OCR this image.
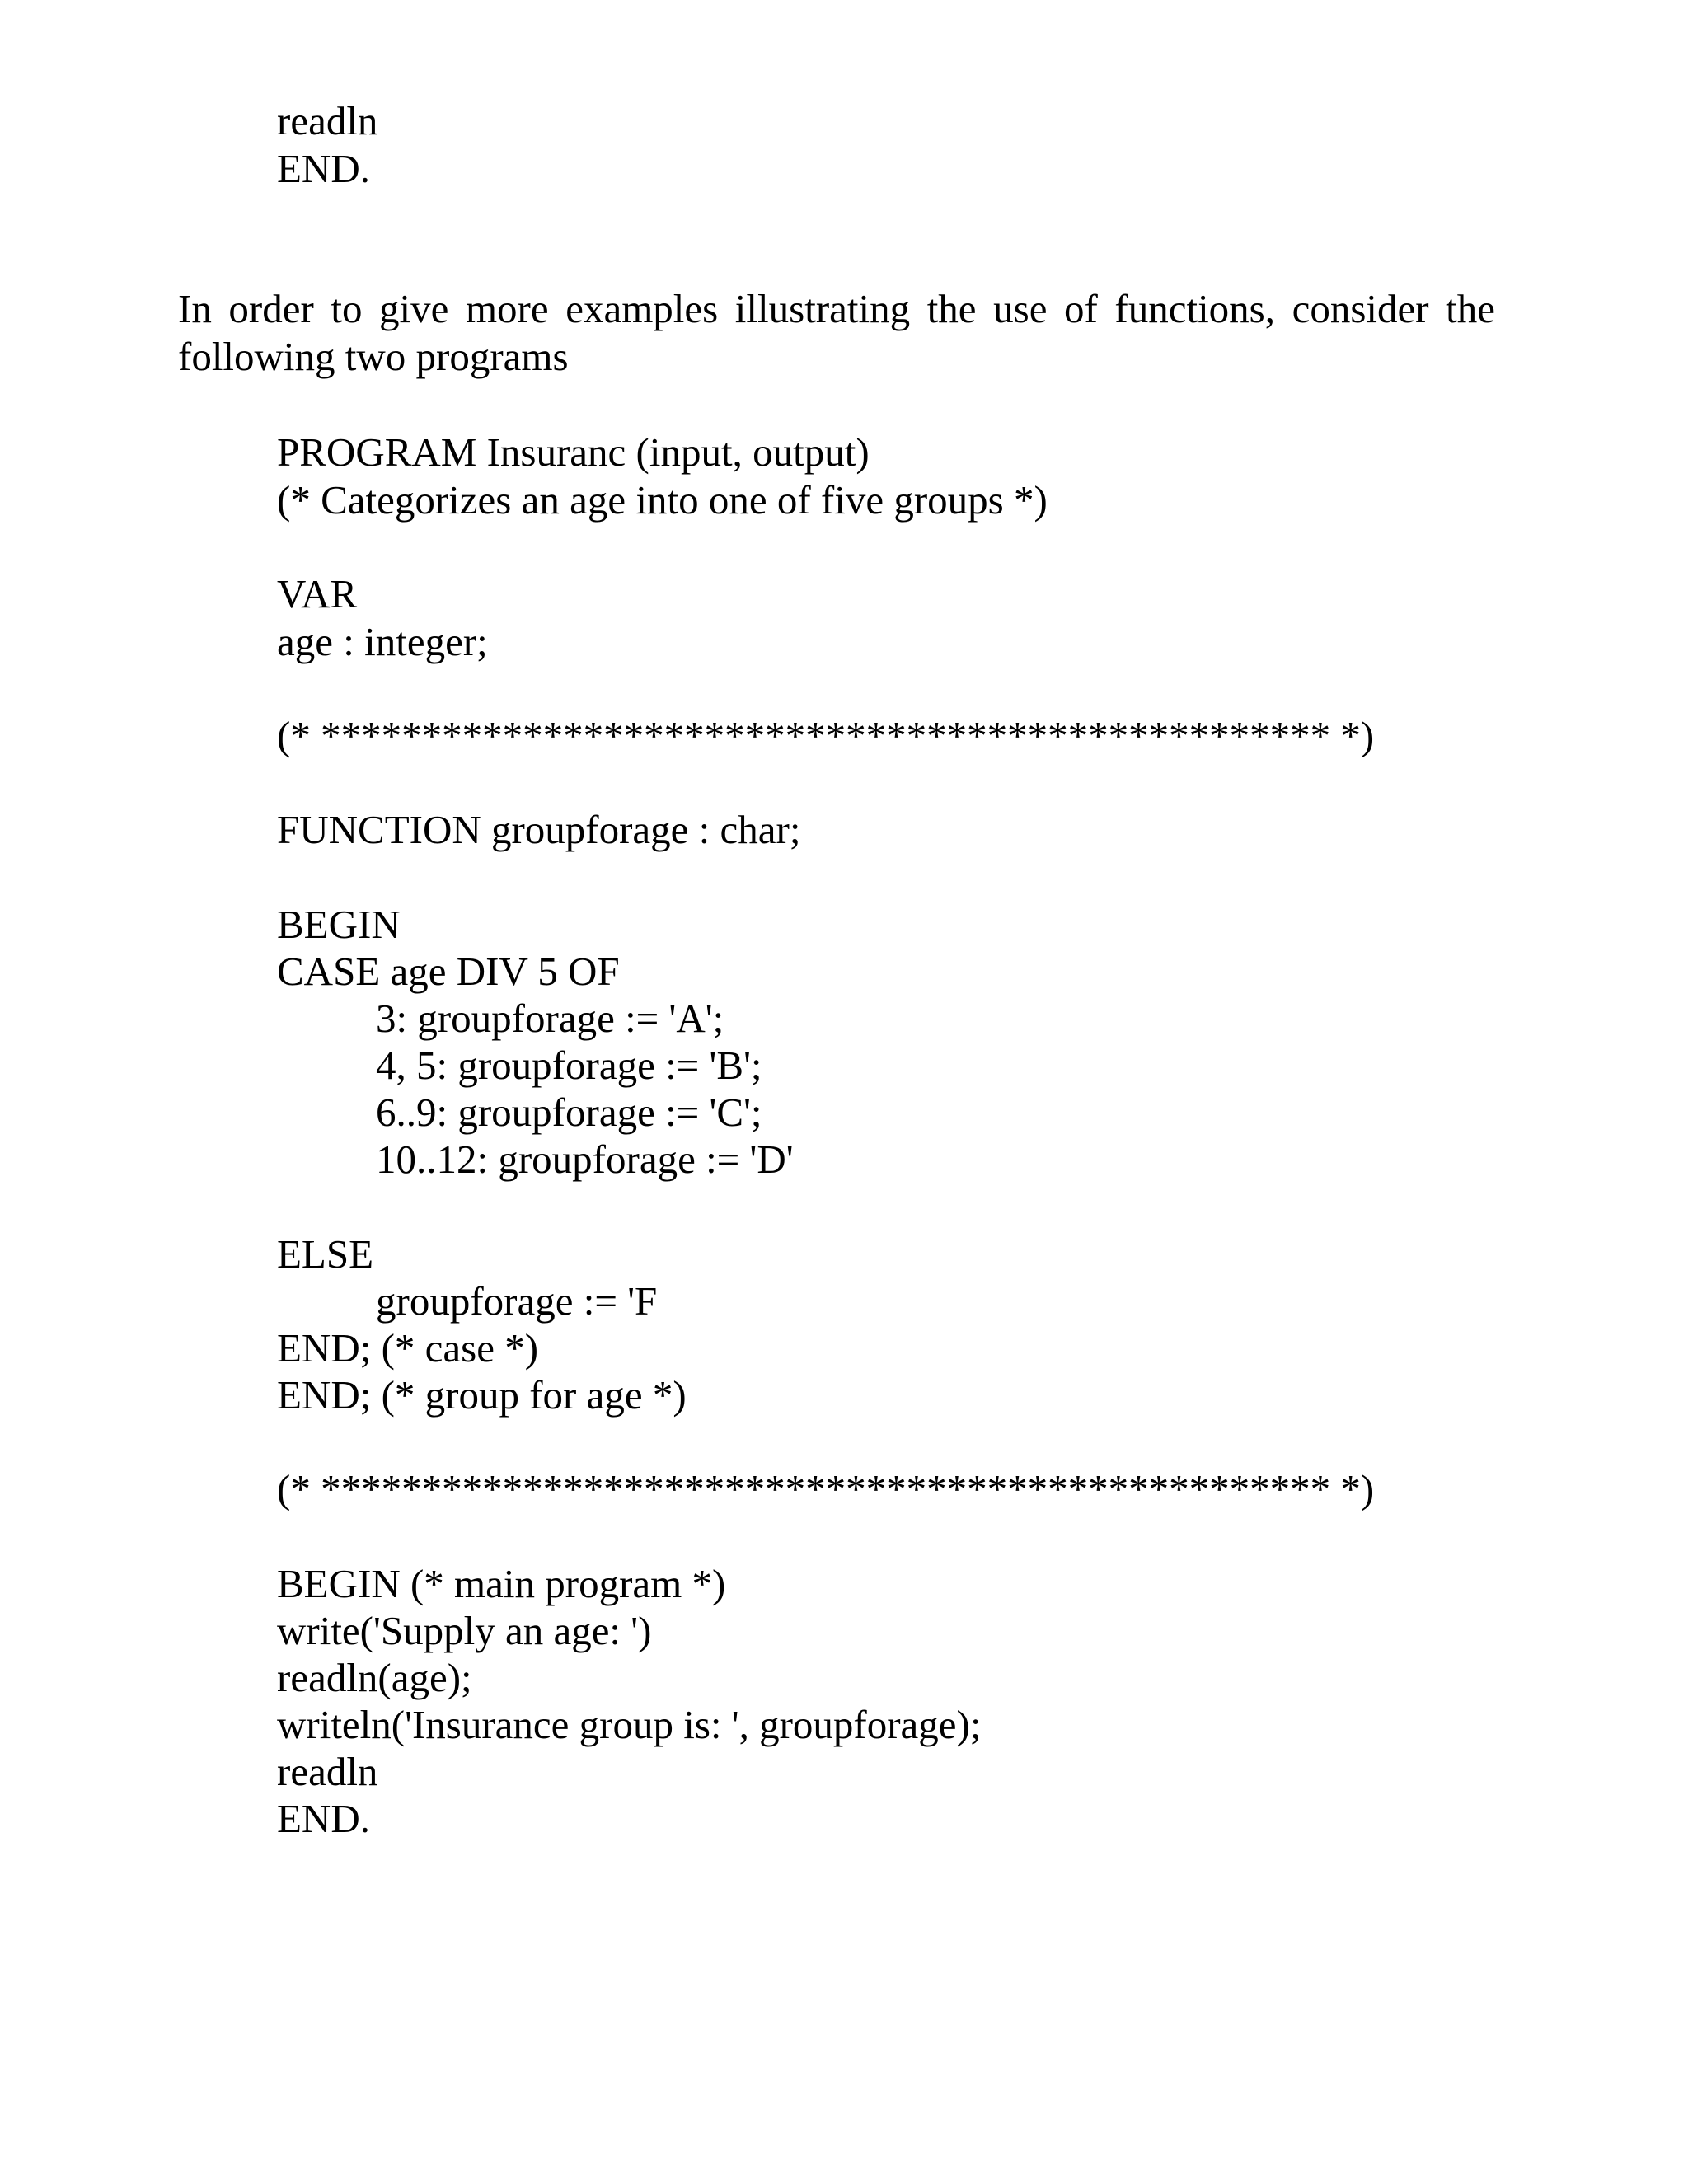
readln
END.
In order to give more examples illustrating the use of functions, consider the following two programs
PROGRAM Insuranc (input, output)
(* Categorizes an age into one of five groups *)
VAR
age : integer;
(* ************************************************** *)
FUNCTION groupforage : char;
BEGIN
CASE age DIV 5 OF
3: groupforage := 'A';
4, 5: groupforage := 'B';
6..9: groupforage := 'C';
10..12: groupforage := 'D'
ELSE
groupforage := 'F
END; (* case *)
END; (* group for age *)
(* ************************************************** *)
BEGIN (* main program *)
write('Supply an age: ')
readln(age);
writeln('Insurance group is: ', groupforage);
readln
END.
